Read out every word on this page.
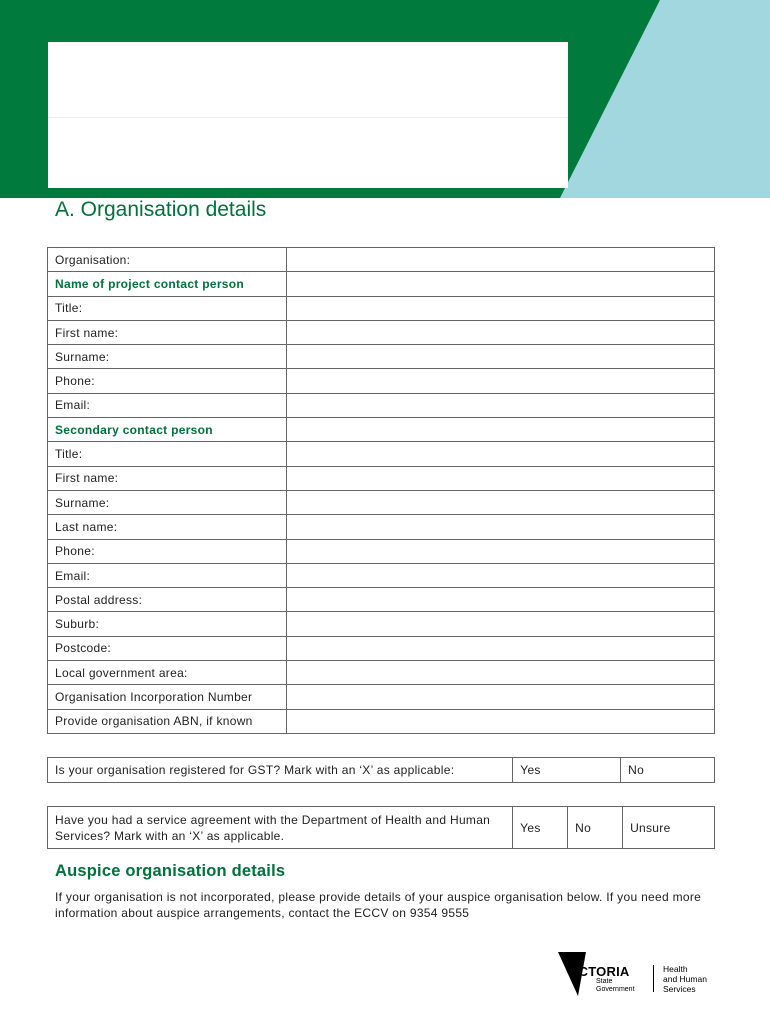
A. Organisation details
Organisation:	
Name of project contact person	
Title:	
First name:	
Surname:	
Phone:	
Email:	
Secondary contact person	
Title:	
First name:	
Surname:	
Last name:	
Phone:	
Email:	
Postal address:	
Suburb:	
Postcode:	
Local government area:	
Organisation Incorporation Number	
Provide organisation ABN, if known	
Is your organisation registered for GST? Mark with an ‘X’ as applicable:	Yes	No
Have you had a service agreement with the Department of Health and Human Services? Mark with an ‘X’ as applicable.	Yes	No	Unsure
Auspice organisation details

If your organisation is not incorporated, please provide details of your auspice organisation below. If you need more information about auspice arrangements, contact the ECCV on 9354 9555

VICTORIA
State
Government
Health
and Human
Services
